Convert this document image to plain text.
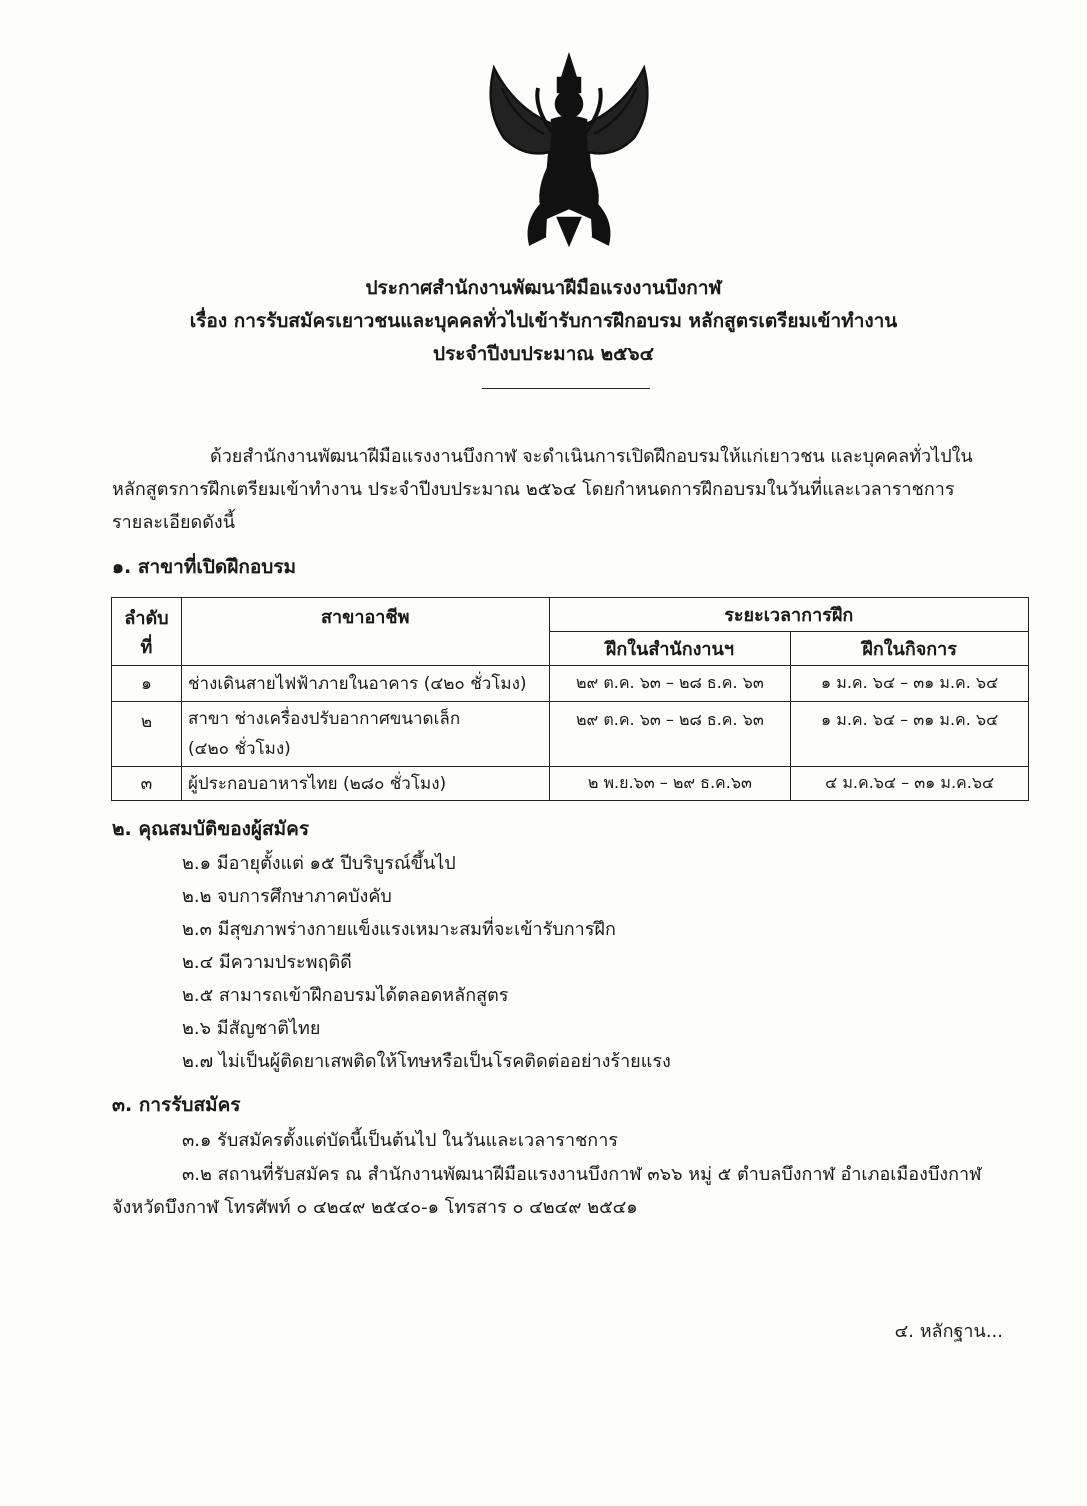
ประกาศสำนักงานพัฒนาฝีมือแรงงานบึงกาฬ
เรื่อง การรับสมัครเยาวชนและบุคคลทั่วไปเข้ารับการฝึกอบรม หลักสูตรเตรียมเข้าทำงาน
ประจำปีงบประมาณ ๒๕๖๔
ด้วยสำนักงานพัฒนาฝีมือแรงงานบึงกาฬ จะดำเนินการเปิดฝึกอบรมให้แก่เยาวชน และบุคคลทั่วไปใน
หลักสูตรการฝึกเตรียมเข้าทำงาน ประจำปีงบประมาณ ๒๕๖๔ โดยกำหนดการฝึกอบรมในวันที่และเวลาราชการ
รายละเอียดดังนี้
๑. สาขาที่เปิดฝึกอบรม
ลำดับ
ที่	สาขาอาชีพ	ระยะเวลาการฝึก	
		ฝึกในสำนักงานฯ	ฝึกในกิจการ
๑	ช่างเดินสายไฟฟ้าภายในอาคาร (๔๒๐ ชั่วโมง)	๒๙ ต.ค. ๖๓ – ๒๘ ธ.ค. ๖๓	๑ ม.ค. ๖๔ – ๓๑ ม.ค. ๖๔
๒	สาขา ช่างเครื่องปรับอากาศขนาดเล็ก
(๔๒๐ ชั่วโมง)	๒๙ ต.ค. ๖๓ – ๒๘ ธ.ค. ๖๓	๑ ม.ค. ๖๔ – ๓๑ ม.ค. ๖๔
๓	ผู้ประกอบอาหารไทย (๒๘๐ ชั่วโมง)	๒ พ.ย.๖๓ – ๒๙ ธ.ค.๖๓	๔ ม.ค.๖๔ – ๓๑ ม.ค.๖๔
๒. คุณสมบัติของผู้สมัคร
๒.๑ มีอายุตั้งแต่ ๑๕ ปีบริบูรณ์ขึ้นไป
๒.๒ จบการศึกษาภาคบังคับ
๒.๓ มีสุขภาพร่างกายแข็งแรงเหมาะสมที่จะเข้ารับการฝึก
๒.๔ มีความประพฤติดี
๒.๕ สามารถเข้าฝึกอบรมได้ตลอดหลักสูตร
๒.๖ มีสัญชาติไทย
๒.๗ ไม่เป็นผู้ติดยาเสพติดให้โทษหรือเป็นโรคติดต่ออย่างร้ายแรง
๓. การรับสมัคร
๓.๑ รับสมัครตั้งแต่บัดนี้เป็นต้นไป ในวันและเวลาราชการ
๓.๒ สถานที่รับสมัคร ณ สำนักงานพัฒนาฝีมือแรงงานบึงกาฬ ๓๖๖ หมู่ ๕ ตำบลบึงกาฬ อำเภอเมืองบึงกาฬ
จังหวัดบึงกาฬ โทรศัพท์ ๐ ๔๒๔๙ ๒๕๔๐-๑ โทรสาร ๐ ๔๒๔๙ ๒๕๔๑
๔. หลักฐาน...
